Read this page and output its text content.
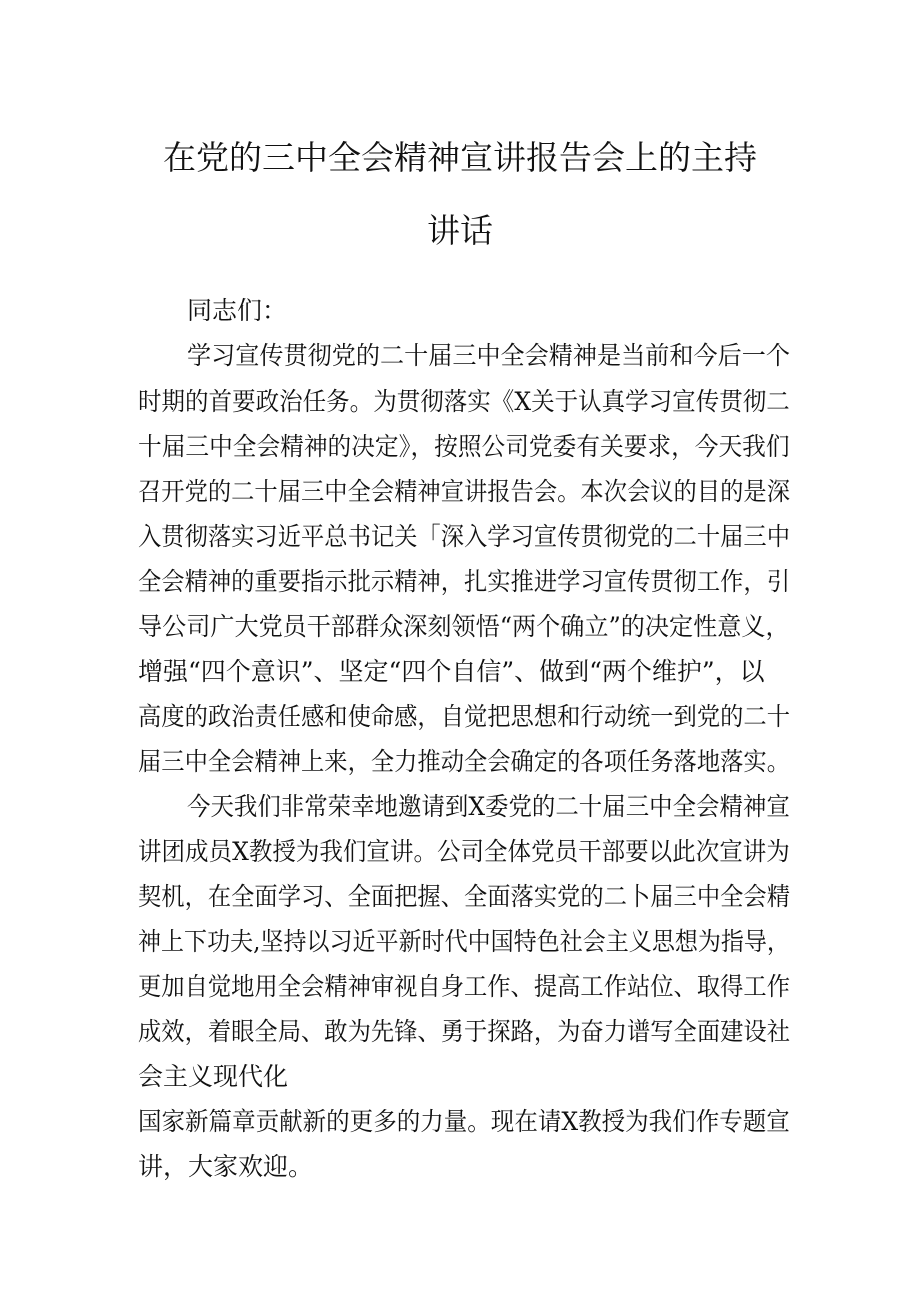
在党的三中全会精神宣讲报告会上的主持
讲话
同志们：
学习宣传贯彻党的二十届三中全会精神是当前和今后一个
时期的首要政治任务。为贯彻落实《X关于认真学习宣传贯彻二
十届三中全会精神的决定》，按照公司党委有关要求，今天我们
召开党的二十届三中全会精神宣讲报告会。本次会议的目的是深
入贯彻落实习近平总书记关「深入学习宣传贯彻党的二十届三中
全会精神的重要指示批示精神，扎实推进学习宣传贯彻工作，引
导公司广大党员干部群众深刻领悟“两个确立”的决定性意义，
增强“四个意识”、坚定“四个自信”、做到“两个维护”，以
高度的政治责任感和使命感，自觉把思想和行动统一到党的二十
届三中全会精神上来，全力推动全会确定的各项任务落地落实。
今天我们非常荣幸地邀请到X委党的二十届三中全会精神宣
讲团成员X教授为我们宣讲。公司全体党员干部要以此次宣讲为
契机，在全面学习、全面把握、全面落实党的二卜届三中全会精
神上下功夫,坚持以习近平新时代中国特色社会主义思想为指导，
更加自觉地用全会精神审视自身工作、提高工作站位、取得工作
成效，着眼全局、敢为先锋、勇于探路，为奋力谱写全面建设社
会主义现代化
国家新篇章贡献新的更多的力量。现在请X教授为我们作专题宣
讲，大家欢迎。
